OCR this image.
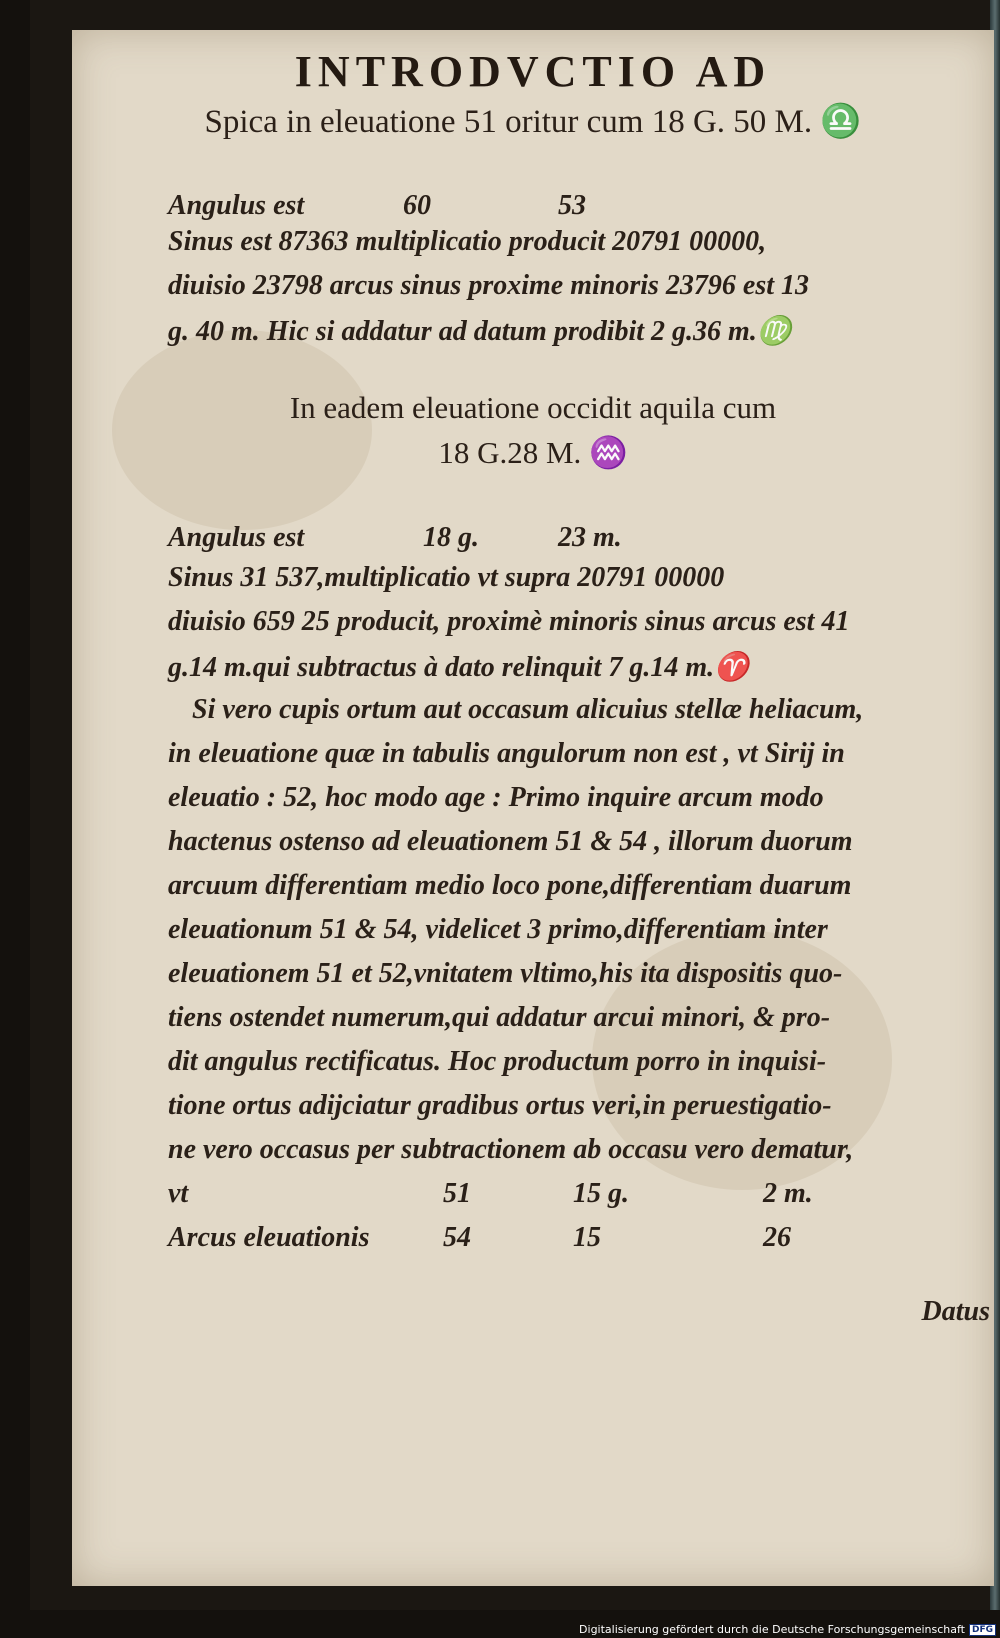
INTRODVCTIO AD
Spica in eleuatione 51 oritur cum 18 G. 50 M. ♎
Angulus est	60	53
Sinus est 87363 multiplicatio producit 20791 00000,
diuisio 23798 arcus sinus proxime minoris 23796 est 13
g. 40 m. Hic si addatur ad datum prodibit 2 g.36 m.♍
In eadem eleuatione occidit aquila cum
18 G.28 M. ♒
Angulus est	18 g.	23 m.
Sinus 31 537,multiplicatio vt supra 20791 00000
diuisio 659 25 producit, proximè minoris sinus arcus est 41
g.14 m.qui subtractus à dato relinquit 7 g.14 m.♈
Si vero cupis ortum aut occasum alicuius stellæ heliacum,
in eleuatione quæ in tabulis angulorum non est , vt Sirij in
eleuatio : 52, hoc modo age : Primo inquire arcum modo
hactenus ostenso ad eleuationem 51 & 54 , illorum duorum
arcuum differentiam medio loco pone,differentiam duarum
eleuationum 51 & 54, videlicet 3 primo,differentiam inter
eleuationem 51 et 52,vnitatem vltimo,his ita dispositis quo-
tiens ostendet numerum,qui addatur arcui minori, & pro-
dit angulus rectificatus. Hoc productum porro in inquisi-
tione ortus adijciatur gradibus ortus veri,in peruestigatio-
ne vero occasus per subtractionem ab occasu vero dematur,
vt	51	15 g.	2 m.
Arcus eleuationis	54	15	26
Datus
Digitalisierung gefördert durch die Deutsche Forschungsgemeinschaft DFG
